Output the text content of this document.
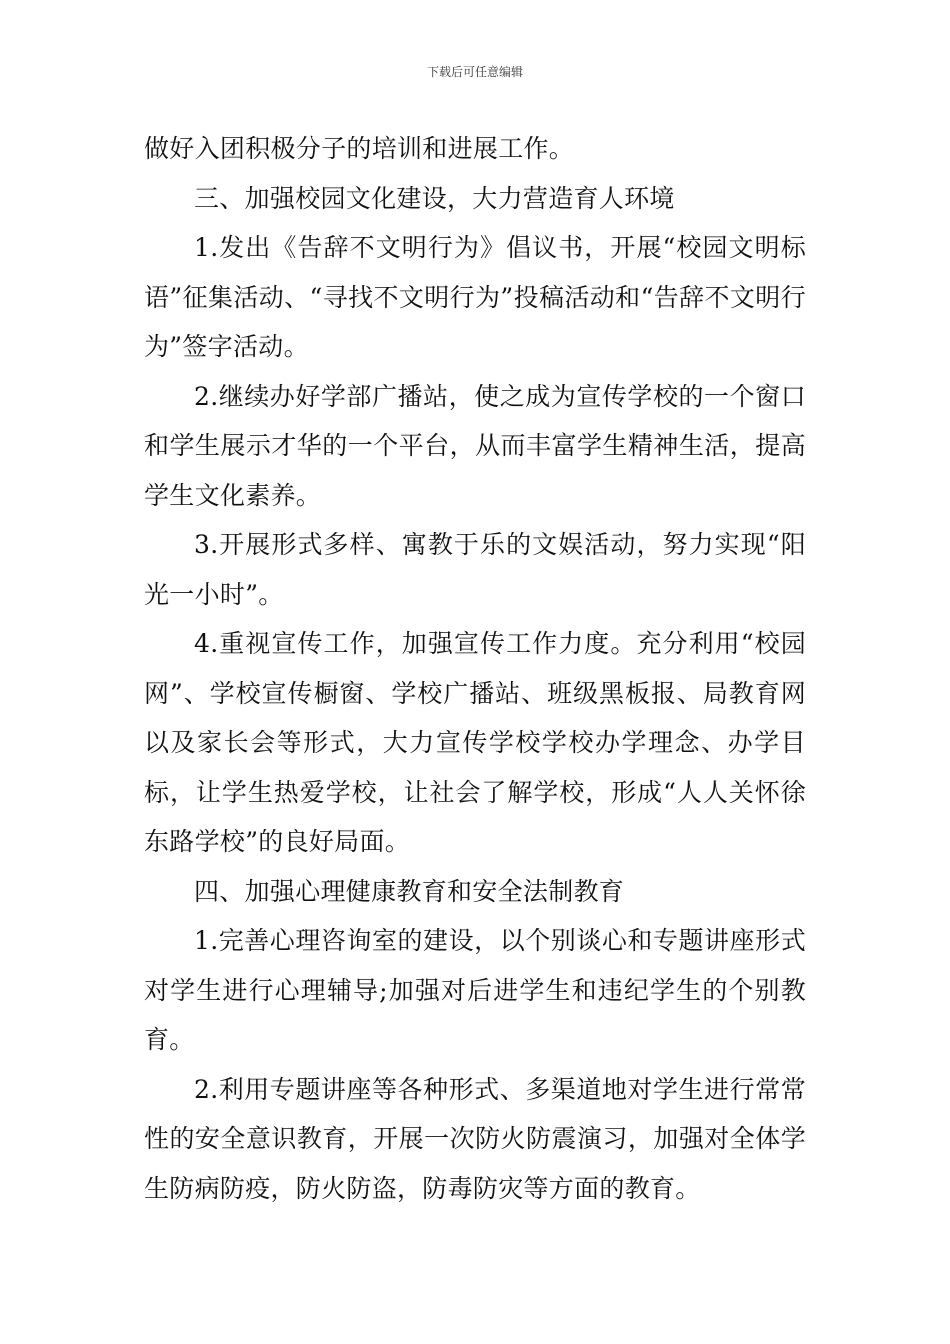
下载后可任意编辑

做好入团积极分子的培训和进展工作。

三、加强校园文化建设，大力营造育人环境

1.发出《告辞不文明行为》倡议书，开展“校园文明标语”征集活动、“寻找不文明行为”投稿活动和“告辞不文明行为”签字活动。

2.继续办好学部广播站，使之成为宣传学校的一个窗口和学生展示才华的一个平台，从而丰富学生精神生活，提高学生文化素养。

3.开展形式多样、寓教于乐的文娱活动，努力实现“阳光一小时”。

4.重视宣传工作，加强宣传工作力度。充分利用“校园网”、学校宣传橱窗、学校广播站、班级黑板报、局教育网以及家长会等形式，大力宣传学校学校办学理念、办学目标，让学生热爱学校，让社会了解学校，形成“人人关怀徐东路学校”的良好局面。

四、加强心理健康教育和安全法制教育

1.完善心理咨询室的建设，以个别谈心和专题讲座形式对学生进行心理辅导;加强对后进学生和违纪学生的个别教育。

2.利用专题讲座等各种形式、多渠道地对学生进行常常性的安全意识教育，开展一次防火防震演习，加强对全体学生防病防疫，防火防盗，防毒防灾等方面的教育。
